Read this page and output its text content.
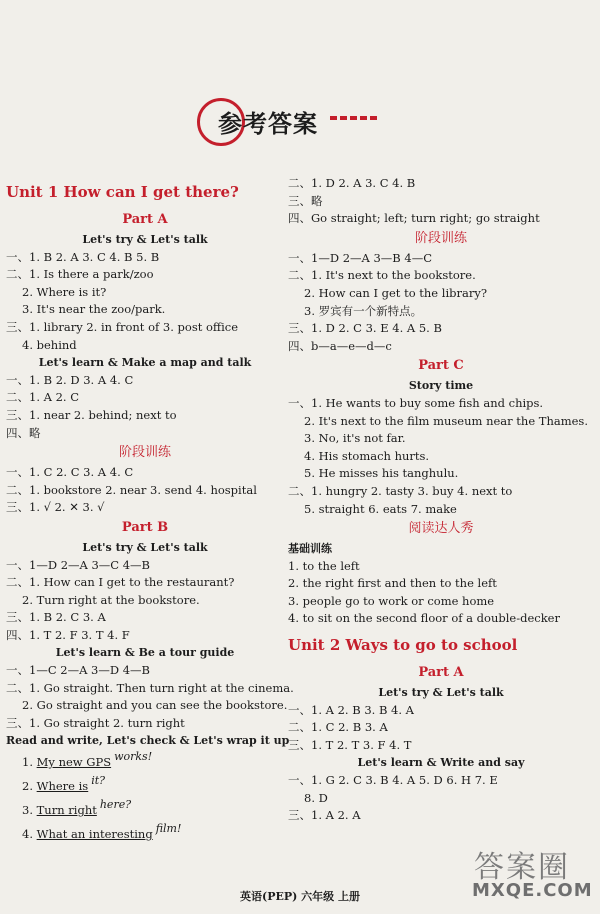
参考答案
Unit 1 How can I get there?
Part A
Let's try & Let's talk
一、1. B 2. A 3. C 4. B 5. B
二、1. Is there a park/zoo
2. Where is it?
3. It's near the zoo/park.
三、1. library 2. in front of 3. post office
4. behind
Let's learn & Make a map and talk
一、1. B 2. D 3. A 4. C
二、1. A 2. C
三、1. near 2. behind; next to
四、略
阶段训练
一、1. C 2. C 3. A 4. C
二、1. bookstore 2. near 3. send 4. hospital
三、1. √ 2. ✕ 3. √
Part B
Let's try & Let's talk
一、1—D 2—A 3—C 4—B
二、1. How can I get to the restaurant?
2. Turn right at the bookstore.
三、1. B 2. C 3. A
四、1. T 2. F 3. T 4. F
Let's learn & Be a tour guide
一、1—C 2—A 3—D 4—B
二、1. Go straight. Then turn right at the cinema.
2. Go straight and you can see the bookstore.
三、1. Go straight 2. turn right
Read and write, Let's check & Let's wrap it up
1. My new GPS works!
2. Where is it?
3. Turn right here?
4. What an interesting film!
二、1. D 2. A 3. C 4. B
三、略
四、Go straight; left; turn right; go straight
阶段训练
一、1—D 2—A 3—B 4—C
二、1. It's next to the bookstore.
2. How can I get to the library?
3. 罗宾有一个新特点。
三、1. D 2. C 3. E 4. A 5. B
四、b—a—e—d—c
Part C
Story time
一、1. He wants to buy some fish and chips.
2. It's next to the film museum near the Thames.
3. No, it's not far.
4. His stomach hurts.
5. He misses his tanghulu.
二、1. hungry 2. tasty 3. buy 4. next to
5. straight 6. eats 7. make
阅读达人秀
基础训练
1. to the left
2. the right first and then to the left
3. people go to work or come home
4. to sit on the second floor of a double-decker
Unit 2 Ways to go to school
Part A
Let's try & Let's talk
一、1. A 2. B 3. B 4. A
二、1. C 2. B 3. A
三、1. T 2. T 3. F 4. T
Let's learn & Write and say
一、1. G 2. C 3. B 4. A 5. D 6. H 7. E
8. D
三、1. A 2. A
英语(PEP) 六年级 上册
答案圈
MXQE.COM
